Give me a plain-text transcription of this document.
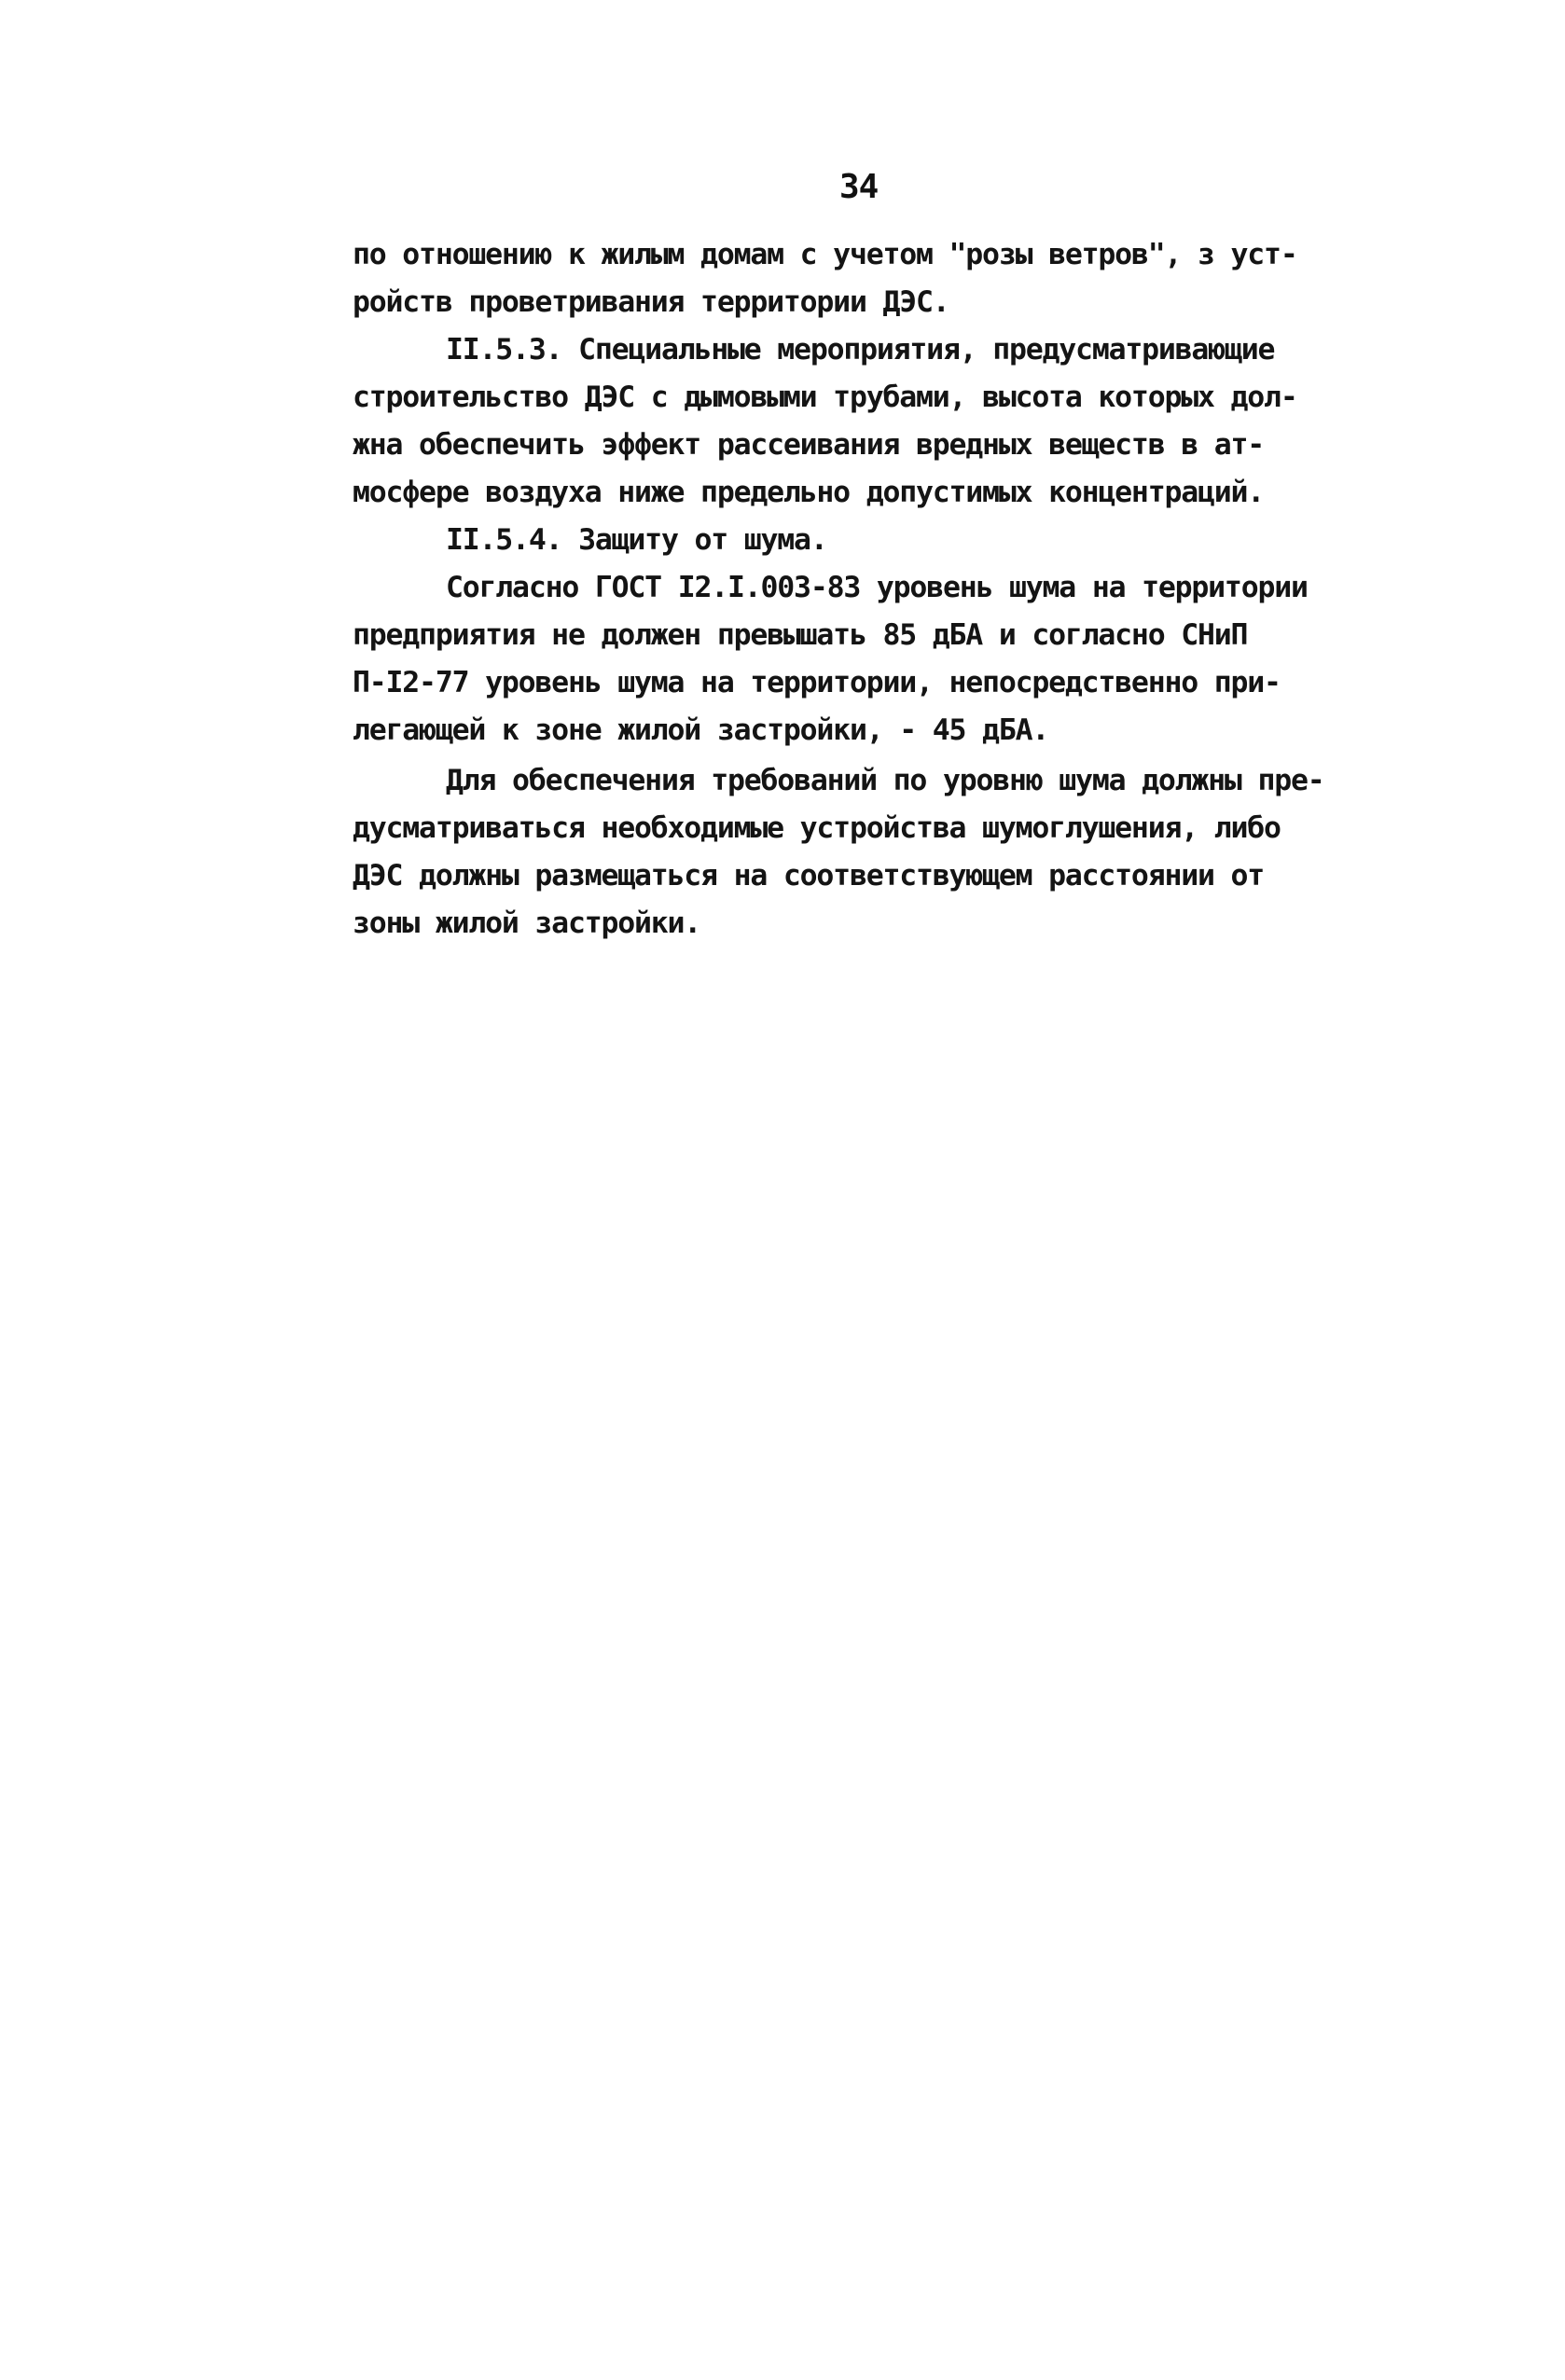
34
по отношению к жилым домам с учетом "розы ветров", з уст-
ройств проветривания территории ДЭС.
II.5.3. Специальные мероприятия, предусматривающие
строительство ДЭС с дымовыми трубами, высота которых дол-
жна обеспечить эффект рассеивания вредных веществ в ат-
мосфере воздуха ниже предельно допустимых концентраций.
II.5.4. Защиту от шума.
Согласно ГОСТ I2.I.003-83 уровень шума на территории
предприятия не должен превышать 85 дБА и согласно СНиП
П-I2-77 уровень шума на территории, непосредственно при-
легающей к зоне жилой застройки, - 45 дБА.
Для обеспечения требований по уровню шума должны пре-
дусматриваться необходимые устройства шумоглушения, либо
ДЭС должны размещаться на соответствующем расстоянии от
зоны жилой застройки.
